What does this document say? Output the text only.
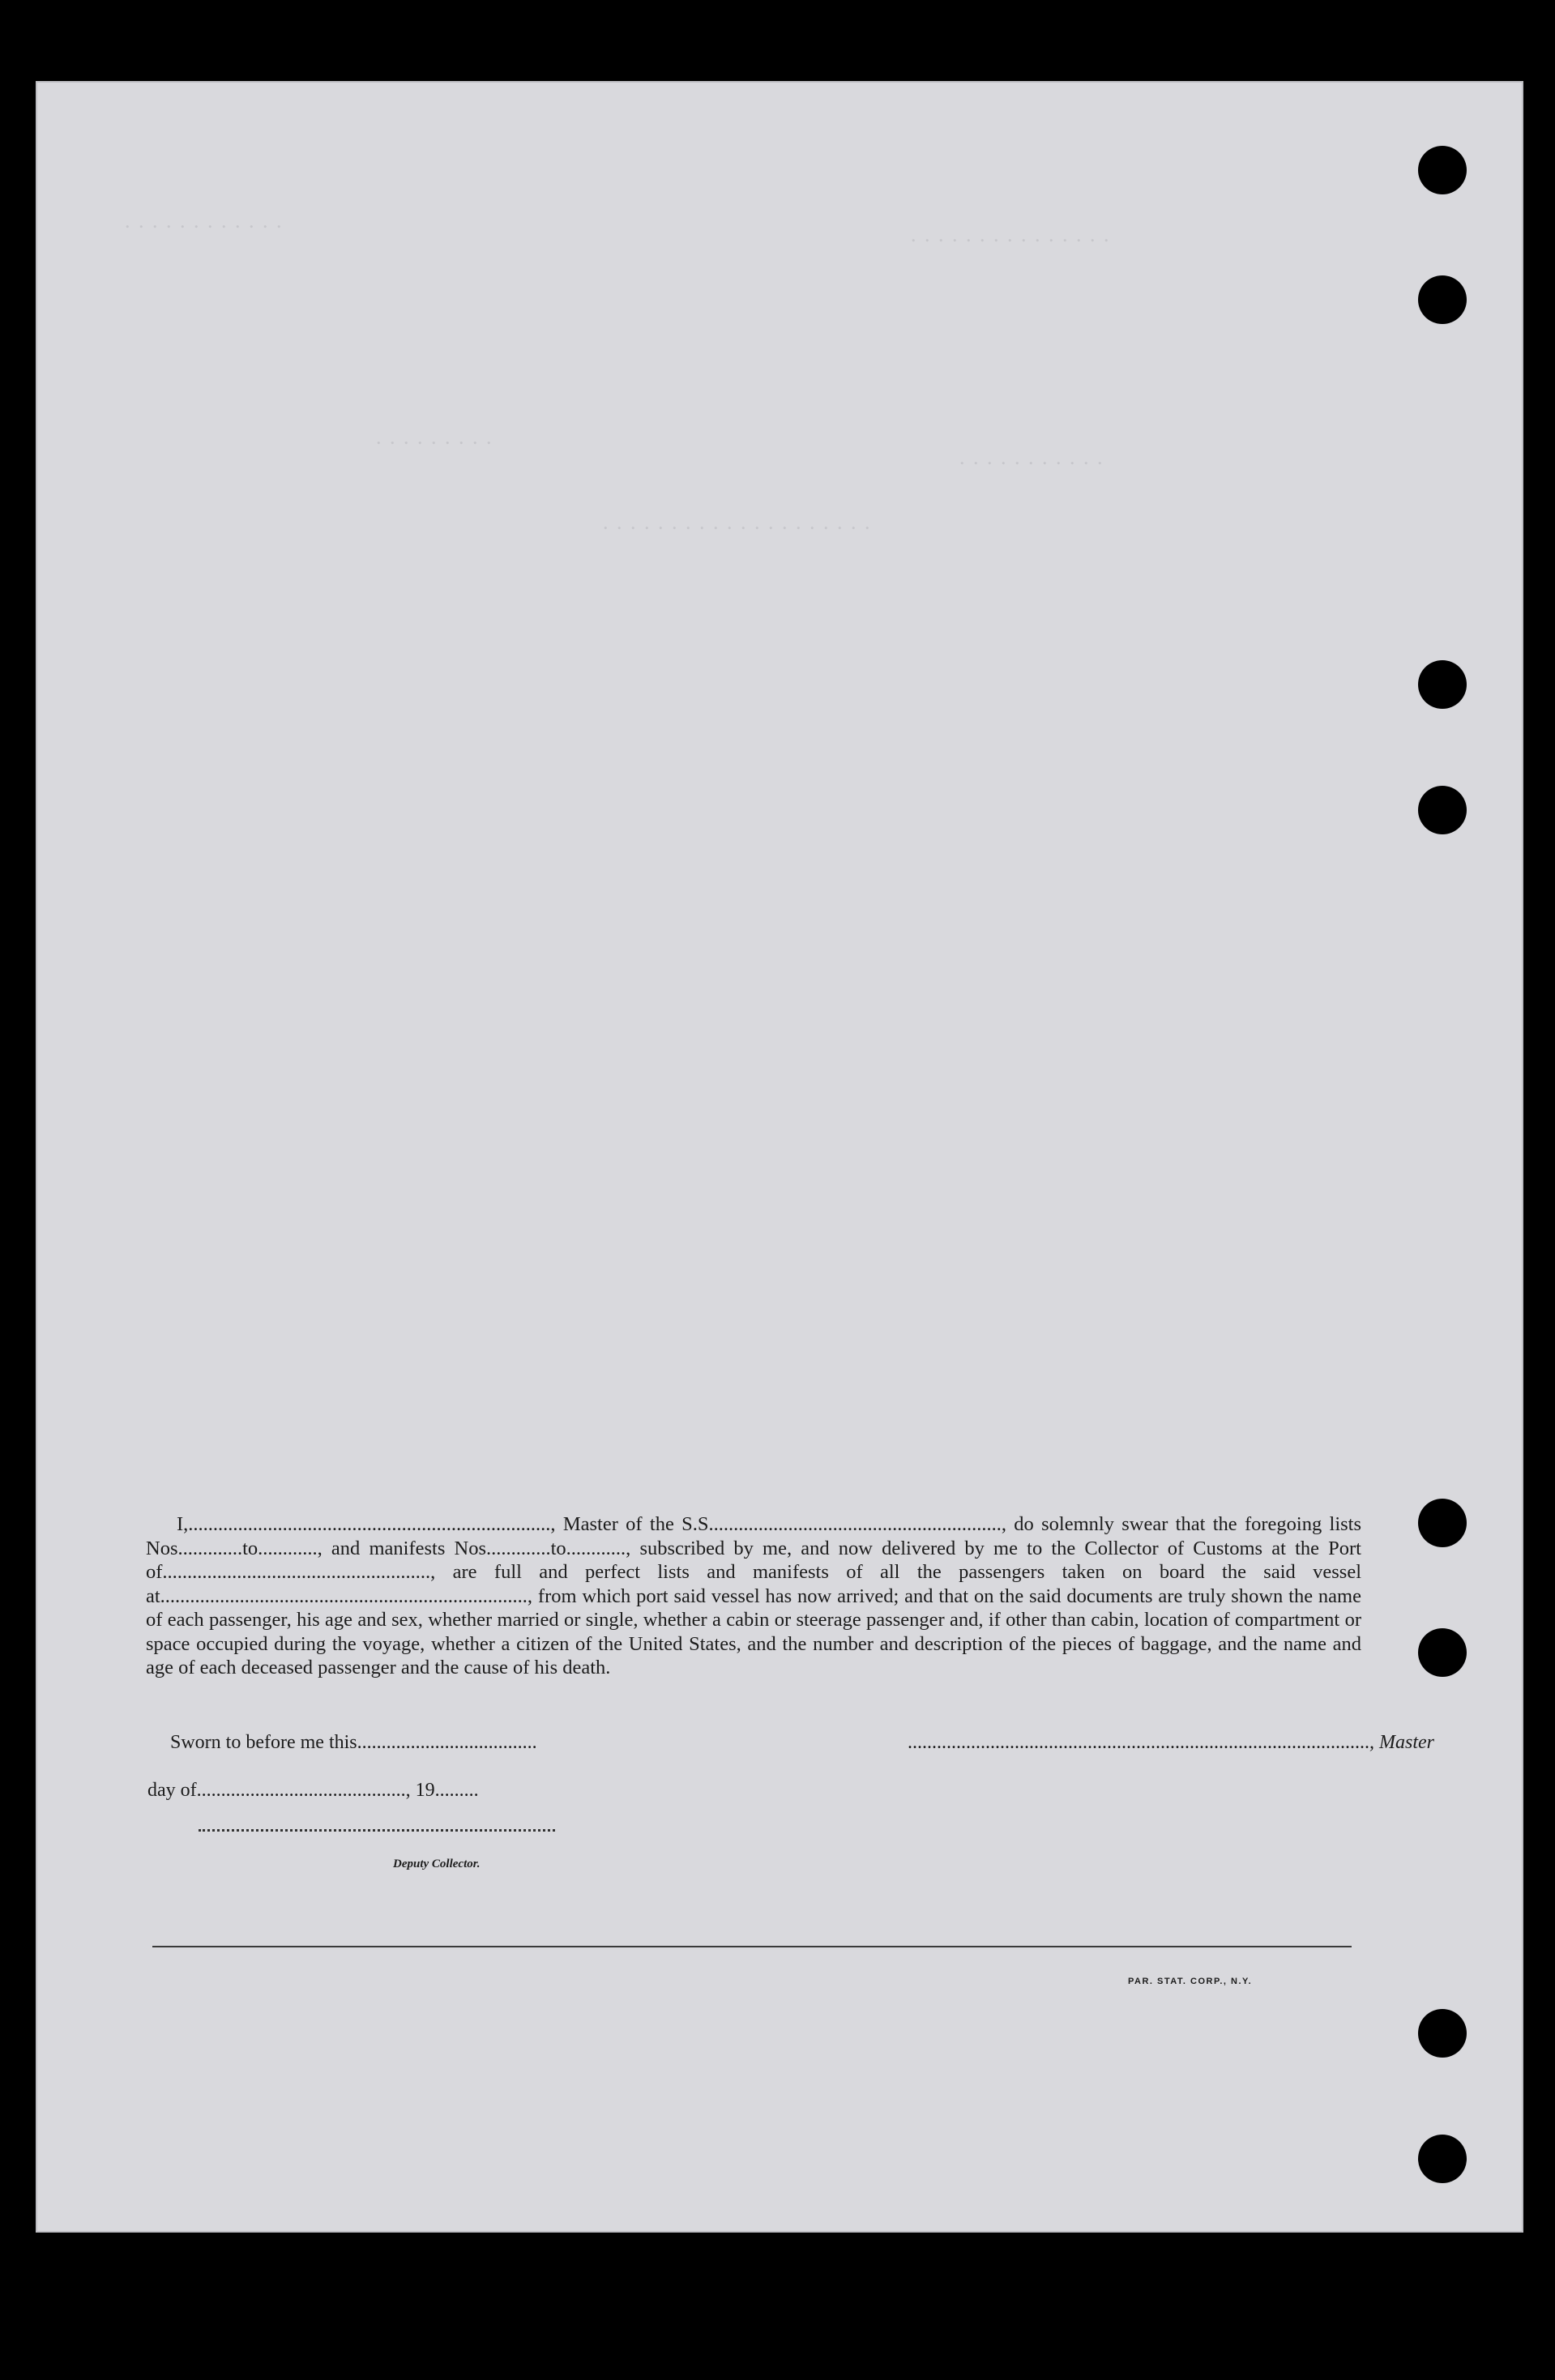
. . . . . . . . . . . .
. . . . . . . . . . . . . . .
. . . . . . . . .
. . . . . . . . . . .
. . . . . . . . . . . . . . . . . . . .

I,........................................................................., Master of the S.S..........................................................., do solemnly swear that the foregoing lists Nos.............to............, and manifests Nos.............to............, subscribed by me, and now delivered by me to the Collector of Customs at the Port of......................................................, are full and perfect lists and manifests of all the passengers taken on board the said vessel at.........................................................................., from which port said vessel has now arrived; and that on the said documents are truly shown the name of each passenger, his age and sex, whether married or single, whether a cabin or steerage passenger and, if other than cabin, location of compartment or space occupied during the voyage, whether a citizen of the United States, and the number and description of the pieces of baggage, and the name and age of each deceased passenger and the cause of his death.

Sworn to before me this.....................................	..............................................................................................., Master
day of..........................................., 19.........
Deputy Collector.
PAR. STAT. CORP., N.Y.
